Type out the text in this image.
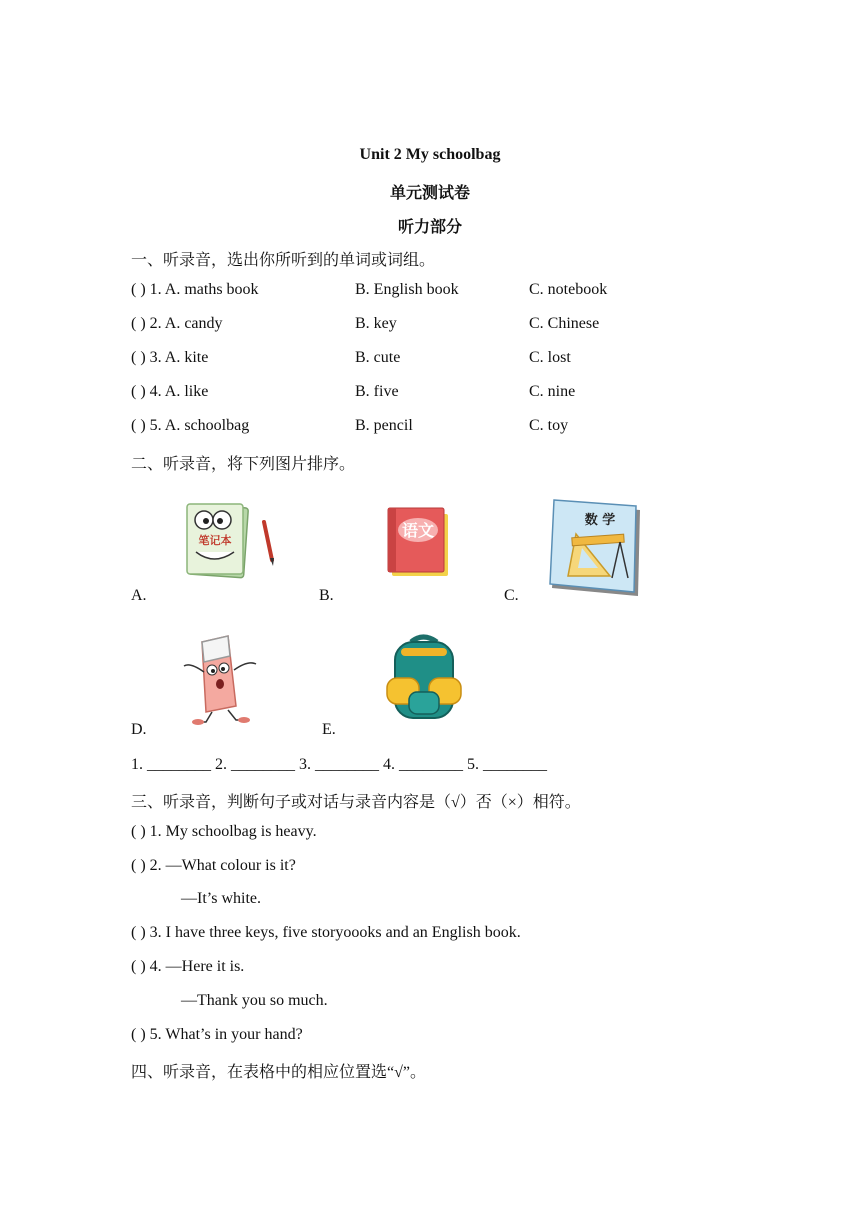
Unit 2 My schoolbag
单元测试卷
听力部分
一、听录音，选出你所听到的单词或词组。
( ) 1. A. maths book	B. English book	C. notebook
( ) 2. A. candy	B. key	C. Chinese
( ) 3. A. kite	B. cute	C. lost
( ) 4. A. like	B. five	C. nine
( ) 5. A. schoolbag	B. pencil	C. toy
二、听录音，将下列图片排序。
笔记本
语文
数 学
A.	B.	C.
D.	E.
1. ________ 2. ________ 3. ________ 4. ________ 5. ________
三、听录音，判断句子或对话与录音内容是（√）否（×）相符。
( ) 1. My schoolbag is heavy.
( ) 2. —What colour is it?
—It’s white.
( ) 3. I have three keys, five storyoooks and an English book.
( ) 4. —Here it is.
—Thank you so much.
( ) 5. What’s in your hand?
四、听录音，在表格中的相应位置选“√”。
